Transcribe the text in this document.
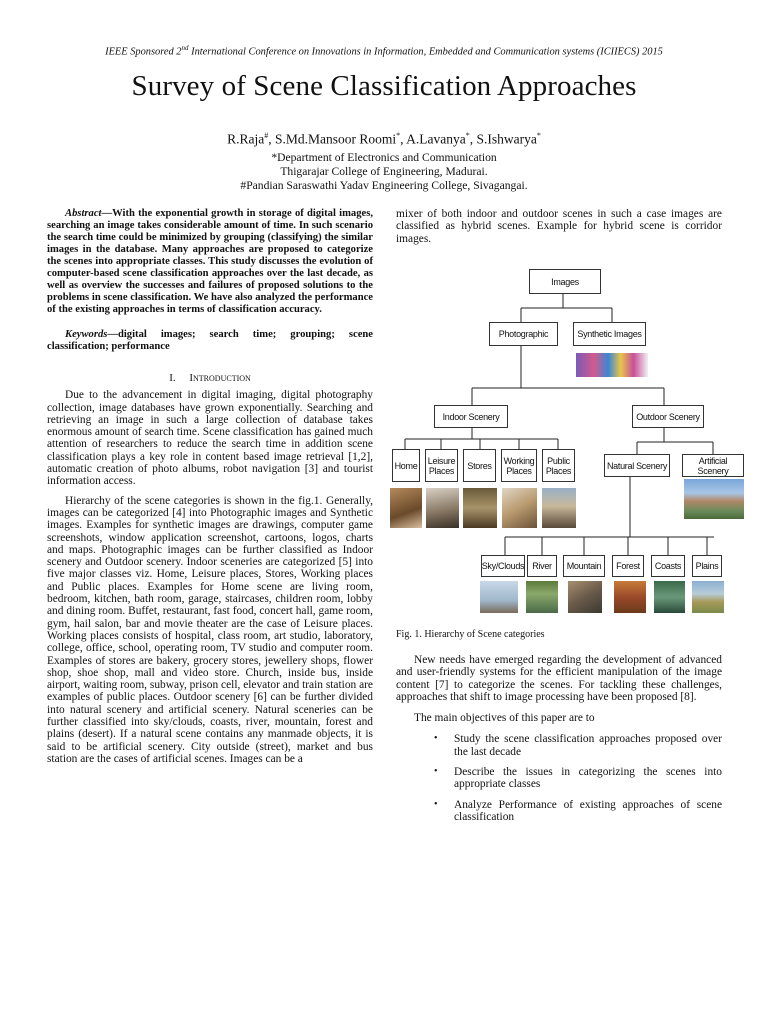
IEEE Sponsored 2nd International Conference on Innovations in Information, Embedded and Communication systems (ICIIECS) 2015
Survey of Scene Classification Approaches
R.Raja#, S.Md.Mansoor Roomi*, A.Lavanya*, S.Ishwarya*
*Department of Electronics and Communication
Thigarajar College of Engineering, Madurai.
#Pandian Saraswathi Yadav Engineering College, Sivagangai.
Abstract—With the exponential growth in storage of digital images, searching an image takes considerable amount of time. In such scenario the search time could be minimized by grouping (classifying) the similar images in the database. Many approaches are proposed to categorize the scenes into appropriate classes. This study discusses the evolution of computer-based scene classification approaches over the last decade, as well as overview the successes and failures of proposed solutions to the problems in scene classification. We have also analyzed the performance of the existing approaches in terms of classification accuracy.
Keywords—digital images; search time; grouping; scene classification; performance
I. Introduction

Due to the advancement in digital imaging, digital photography collection, image databases have grown exponentially. Searching and retrieving an image in such a large collection of database takes enormous amount of search time. Scene classification has gained much attention of researchers to reduce the search time in addition scene classification plays a key role in content based image retrieval [1,2], automatic creation of photo albums, robot navigation [3] and tourist information access.

Hierarchy of the scene categories is shown in the fig.1. Generally, images can be categorized [4] into Photographic images and Synthetic images. Examples for synthetic images are drawings, computer game screenshots, window application screenshot, cartoons, logos, charts and maps. Photographic images can be further classified as Indoor scenery and Outdoor scenery. Indoor sceneries are categorized [5] into five major classes viz. Home, Leisure places, Stores, Working places and Public places. Examples for Home scene are living room, bedroom, kitchen, bath room, garage, staircases, children room, lobby and dining room. Buffet, restaurant, fast food, concert hall, game room, gym, hail salon, bar and movie theater are the case of Leisure places. Working places consists of hospital, class room, art studio, laboratory, college, office, school, operating room, TV studio and computer room. Examples of stores are bakery, grocery stores, jewellery shops, flower shop, shoe shop, mall and video store. Church, inside bus, inside airport, waiting room, subway, prison cell, elevator and train station are examples of public places. Outdoor scenery [6] can be further divided into natural scenery and artificial scenery. Natural sceneries can be further classified into sky/clouds, coasts, river, mountain, forest and plains (desert). If a natural scene contains any manmade objects, it is said to be artificial scenery. City outside (street), market and bus station are the cases of artificial scenes. Images can be a

mixer of both indoor and outdoor scenes in such a case images are classified as hybrid scenes. Example for hybrid scene is corridor images.
Images
Photographic	Synthetic Images
Indoor Scenery	Outdoor Scenery
Home	Leisure Places	Stores	Working Places
Public Places	Natural Scenery	Artificial Scenery
Sky/Clouds River	Mountain	Forest	Coasts	Plains
Fig. 1. Hierarchy of Scene categories

New needs have emerged regarding the development of advanced and user-friendly systems for the efficient manipulation of the image content [7] to categorize the scenes. For tackling these challenges, approaches that shift to image processing have been proposed [8].

The main objectives of this paper are to

•	Study the scene classification approaches proposed over the last decade
•	Describe the issues in categorizing the scenes into appropriate classes
•	Analyze Performance of existing approaches of scene classification
